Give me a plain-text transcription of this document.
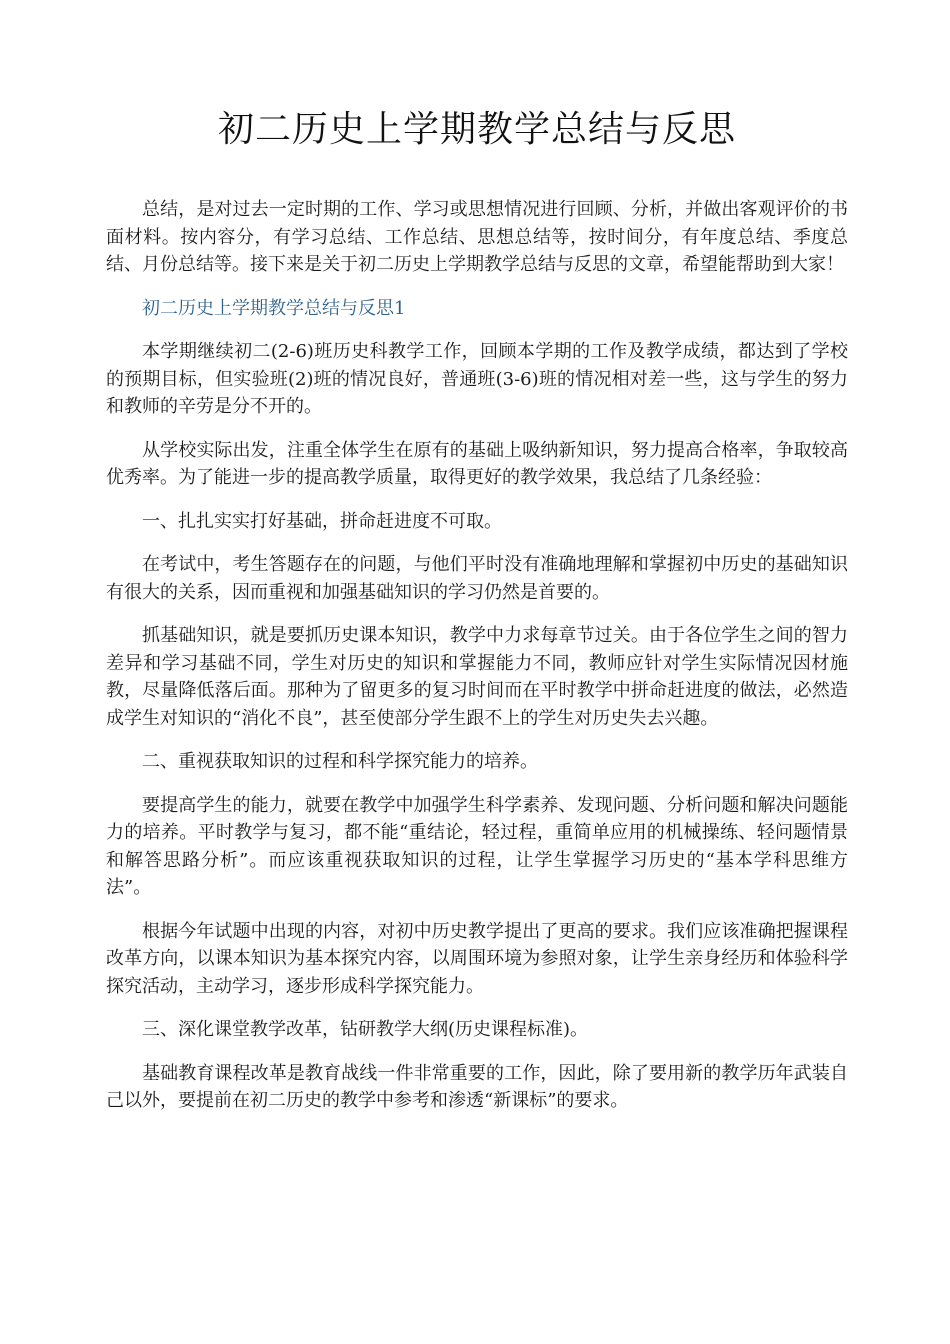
初二历史上学期教学总结与反思

总结，是对过去一定时期的工作、学习或思想情况进行回顾、分析，并做出客观评价的书面材料。按内容分，有学习总结、工作总结、思想总结等，按时间分，有年度总结、季度总结、月份总结等。接下来是关于初二历史上学期教学总结与反思的文章，希望能帮助到大家！

初二历史上学期教学总结与反思1

本学期继续初二(2-6)班历史科教学工作，回顾本学期的工作及教学成绩，都达到了学校的预期目标，但实验班(2)班的情况良好，普通班(3-6)班的情况相对差一些，这与学生的努力和教师的辛劳是分不开的。

从学校实际出发，注重全体学生在原有的基础上吸纳新知识，努力提高合格率，争取较高优秀率。为了能进一步的提高教学质量，取得更好的教学效果，我总结了几条经验：

一、扎扎实实打好基础，拼命赶进度不可取。

在考试中，考生答题存在的问题，与他们平时没有准确地理解和掌握初中历史的基础知识有很大的关系，因而重视和加强基础知识的学习仍然是首要的。

抓基础知识，就是要抓历史课本知识，教学中力求每章节过关。由于各位学生之间的智力差异和学习基础不同，学生对历史的知识和掌握能力不同，教师应针对学生实际情况因材施教，尽量降低落后面。那种为了留更多的复习时间而在平时教学中拼命赶进度的做法，必然造成学生对知识的“消化不良”，甚至使部分学生跟不上的学生对历史失去兴趣。

二、重视获取知识的过程和科学探究能力的培养。

要提高学生的能力，就要在教学中加强学生科学素养、发现问题、分析问题和解决问题能力的培养。平时教学与复习，都不能“重结论，轻过程，重简单应用的机械操练、轻问题情景和解答思路分析”。而应该重视获取知识的过程，让学生掌握学习历史的“基本学科思维方法”。

根据今年试题中出现的内容，对初中历史教学提出了更高的要求。我们应该准确把握课程改革方向，以课本知识为基本探究内容，以周围环境为参照对象，让学生亲身经历和体验科学探究活动，主动学习，逐步形成科学探究能力。

三、深化课堂教学改革，钻研教学大纲(历史课程标准)。

基础教育课程改革是教育战线一件非常重要的工作，因此，除了要用新的教学历年武装自己以外，要提前在初二历史的教学中参考和渗透“新课标”的要求。
